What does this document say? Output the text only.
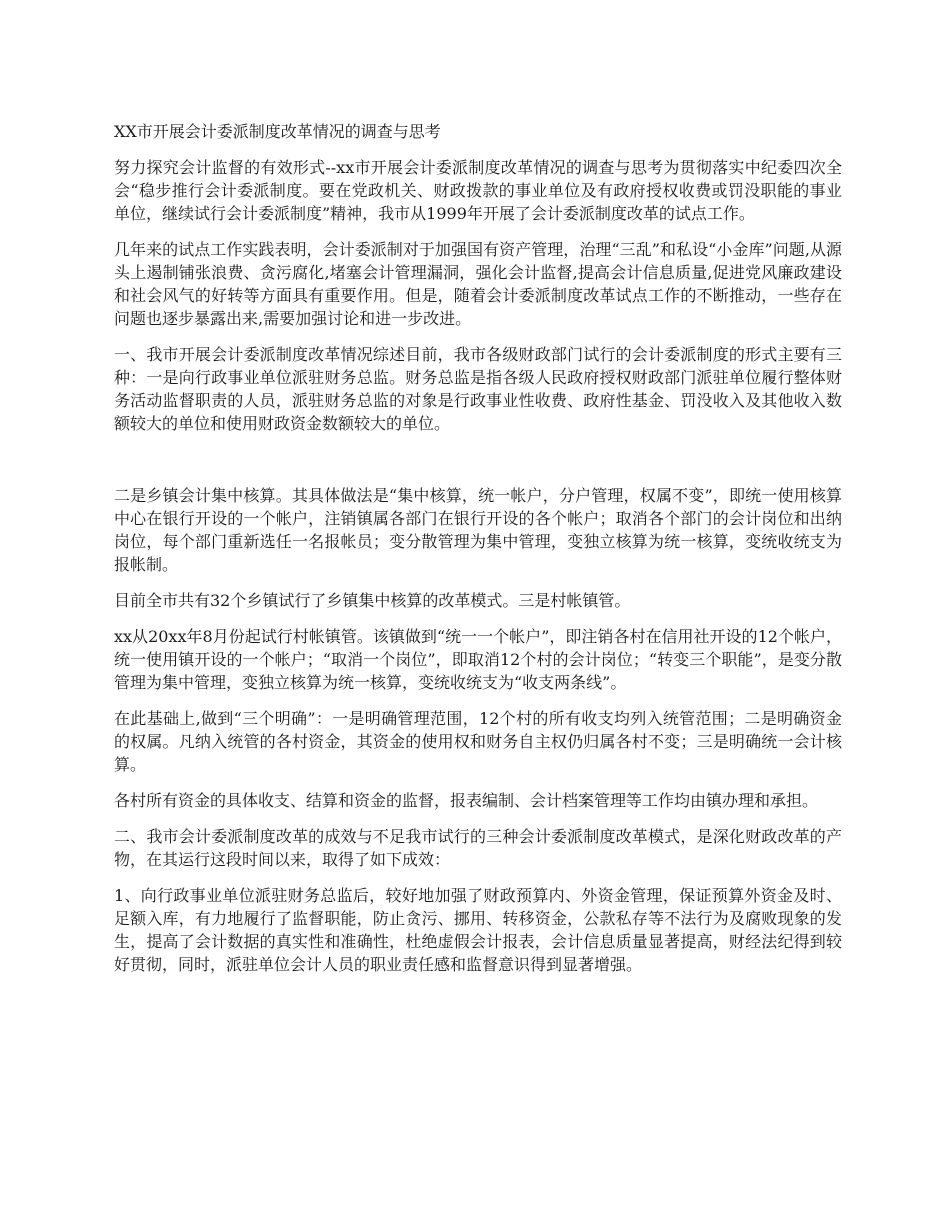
XX市开展会计委派制度改革情况的调查与思考

努力探究会计监督的有效形式--xx市开展会计委派制度改革情况的调查与思考为贯彻落实中纪委四次全会“稳步推行会计委派制度。要在党政机关、财政拨款的事业单位及有政府授权收费或罚没职能的事业单位，继续试行会计委派制度”精神，我市从1999年开展了会计委派制度改革的试点工作。

几年来的试点工作实践表明，会计委派制对于加强国有资产管理，治理“三乱”和私设“小金库”问题,从源头上遏制铺张浪费、贪污腐化,堵塞会计管理漏洞，强化会计监督,提高会计信息质量,促进党风廉政建设和社会风气的好转等方面具有重要作用。但是，随着会计委派制度改革试点工作的不断推动，一些存在问题也逐步暴露出来,需要加强讨论和进一步改进。

一、我市开展会计委派制度改革情况综述目前，我市各级财政部门试行的会计委派制度的形式主要有三种：一是向行政事业单位派驻财务总监。财务总监是指各级人民政府授权财政部门派驻单位履行整体财务活动监督职责的人员，派驻财务总监的对象是行政事业性收费、政府性基金、罚没收入及其他收入数额较大的单位和使用财政资金数额较大的单位。

二是乡镇会计集中核算。其具体做法是“集中核算，统一帐户，分户管理，权属不变”，即统一使用核算中心在银行开设的一个帐户，注销镇属各部门在银行开设的各个帐户；取消各个部门的会计岗位和出纳岗位，每个部门重新选任一名报帐员；变分散管理为集中管理，变独立核算为统一核算，变统收统支为报帐制。

目前全市共有32个乡镇试行了乡镇集中核算的改革模式。三是村帐镇管。

xx从20xx年8月份起试行村帐镇管。该镇做到“统一一个帐户”，即注销各村在信用社开设的12个帐户，统一使用镇开设的一个帐户；“取消一个岗位”，即取消12个村的会计岗位；“转变三个职能”，是变分散管理为集中管理，变独立核算为统一核算，变统收统支为“收支两条线”。

在此基础上,做到“三个明确”：一是明确管理范围，12个村的所有收支均列入统管范围；二是明确资金的权属。凡纳入统管的各村资金，其资金的使用权和财务自主权仍归属各村不变；三是明确统一会计核算。

各村所有资金的具体收支、结算和资金的监督，报表编制、会计档案管理等工作均由镇办理和承担。

二、我市会计委派制度改革的成效与不足我市试行的三种会计委派制度改革模式，是深化财政改革的产物，在其运行这段时间以来，取得了如下成效：

1、向行政事业单位派驻财务总监后，较好地加强了财政预算内、外资金管理，保证预算外资金及时、足额入库，有力地履行了监督职能，防止贪污、挪用、转移资金，公款私存等不法行为及腐败现象的发生，提高了会计数据的真实性和准确性，杜绝虚假会计报表，会计信息质量显著提高，财经法纪得到较好贯彻，同时，派驻单位会计人员的职业责任感和监督意识得到显著增强。
